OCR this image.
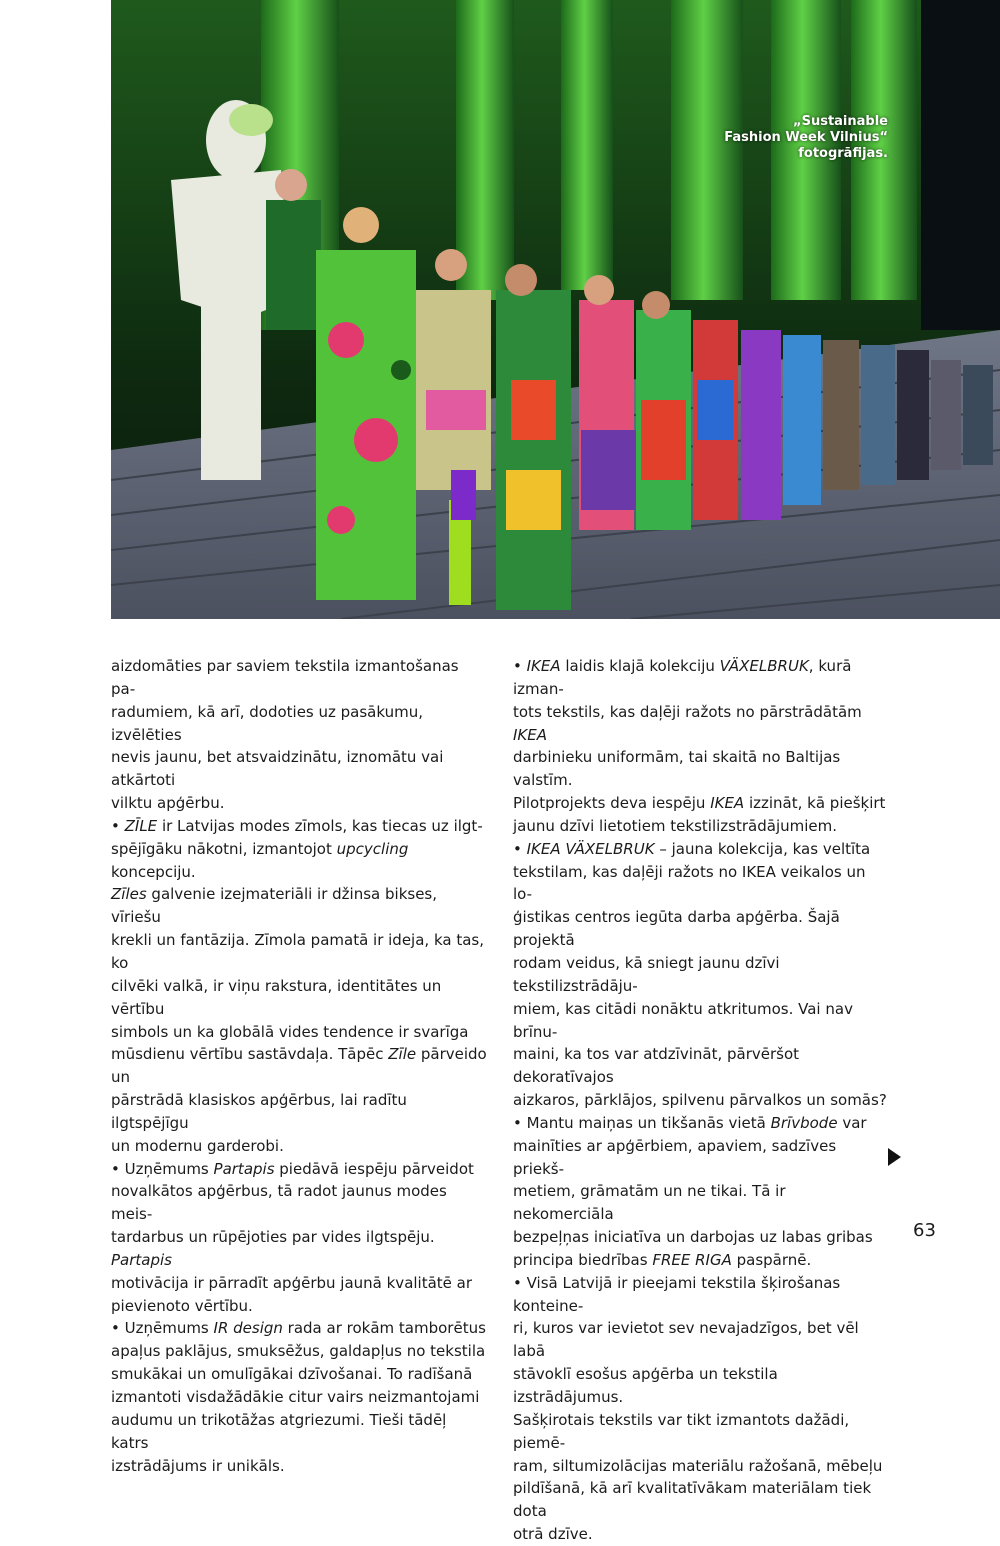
„Sustainable
Fashion Week Vilnius“
fotogrāfijas.

aizdomāties par saviem tekstila izmantošanas pa-
radumiem, kā arī, dodoties uz pasākumu, izvēlēties
nevis jaunu, bet atsvaidzinātu, iznomātu vai atkārtoti
vilktu apģērbu.

• ZĪLE ir Latvijas modes zīmols, kas tiecas uz ilgt-
spējīgāku nākotni, izmantojot upcycling koncepciju.
Zīles galvenie izejmateriāli ir džinsa bikses, vīriešu
krekli un fantāzija. Zīmola pamatā ir ideja, ka tas, ko
cilvēki valkā, ir viņu rakstura, identitātes un vērtību
simbols un ka globālā vides tendence ir svarīga
mūsdienu vērtību sastāvdaļa. Tāpēc Zīle pārveido un
pārstrādā klasiskos apģērbus, lai radītu ilgtspējīgu
un modernu garderobi.

• Uzņēmums Partapis piedāvā iespēju pārveidot
novalkātos apģērbus, tā radot jaunus modes meis-
tardarbus un rūpējoties par vides ilgtspēju. Partapis
motivācija ir pārradīt apģērbu jaunā kvalitātē ar
pievienoto vērtību.

• Uzņēmums IR design rada ar rokām tamborētus
apaļus paklājus, smuksēžus, galdapļus no tekstila
smukākai un omulīgākai dzīvošanai. To radīšanā
izmantoti visdažādākie citur vairs neizmantojami
audumu un trikotāžas atgriezumi. Tieši tādēļ katrs
izstrādājums ir unikāls.

• IKEA laidis klajā kolekciju VÄXELBRUK, kurā izman-
tots tekstils, kas daļēji ražots no pārstrādātām IKEA
darbinieku uniformām, tai skaitā no Baltijas valstīm.
Pilotprojekts deva iespēju IKEA izzināt, kā piešķirt
jaunu dzīvi lietotiem tekstilizstrādājumiem.

• IKEA VÄXELBRUK – jauna kolekcija, kas veltīta
tekstilam, kas daļēji ražots no IKEA veikalos un lo-
ģistikas centros iegūta darba apģērba. Šajā projektā
rodam veidus, kā sniegt jaunu dzīvi tekstilizstrādāju-
miem, kas citādi nonāktu atkritumos. Vai nav brīnu-
maini, ka tos var atdzīvināt, pārvēršot dekoratīvajos
aizkaros, pārklājos, spilvenu pārvalkos un somās?

• Mantu maiņas un tikšanās vietā Brīvbode var
mainīties ar apģērbiem, apaviem, sadzīves priekš-
metiem, grāmatām un ne tikai. Tā ir nekomerciāla
bezpeļņas iniciatīva un darbojas uz labas gribas
principa biedrības FREE RIGA paspārnē.

• Visā Latvijā ir pieejami tekstila šķirošanas konteine-
ri, kuros var ievietot sev nevajadzīgos, bet vēl labā
stāvoklī esošus apģērba un tekstila izstrādājumus.
Sašķirotais tekstils var tikt izmantots dažādi, piemē-
ram, siltumizolācijas materiālu ražošanā, mēbeļu
pildīšanā, kā arī kvalitatīvākam materiālam tiek dota
otrā dzīve.

63
